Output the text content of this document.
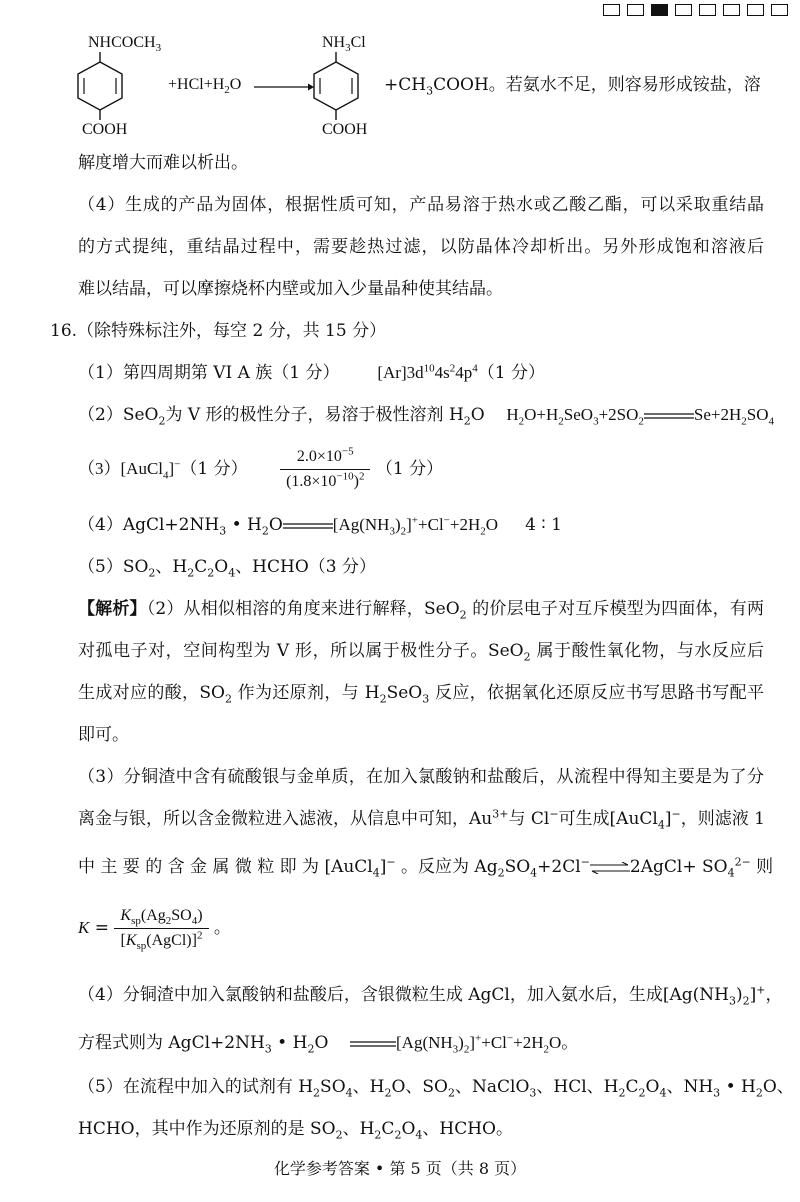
$NHCOCH_3$
COOH
$+HCl+H_2O$ →
$NH_3Cl$
COOH
$+CH_3COOH$。若氨水不足，则容易形成铵盐，溶
解度增大而难以析出。
（4）生成的产品为固体，根据性质可知，产品易溶于热水或乙酸乙酯，可以采取重结晶
的方式提纯，重结晶过程中，需要趁热过滤，以防晶体冷却析出。另外形成饱和溶液后
难以结晶，可以摩擦烧杯内壁或加入少量晶种使其结晶。
16.（除特殊标注外，每空 2 分，共 15 分）
（1）第四周期第 VI A 族（1 分） $[Ar]3d^{10}4s^24p^4(1$ 分）
（2）SeO$_2$为 V 形的极性分子，易溶于极性溶剂 $H_2O$    $H_2O+H_2SeO_3+2SO_2$	$Se+2H_2SO_4$
（3）[AuCl$_4$]−（1 分） $\frac{2.0\times 10^{-5}}{(1.8\times 10^{-10})^2} (1$ 分）
$(4)AgCl+2NH_3$ • $H_2O$	$[Ag(NH_3)_2]^++Cl^-+2H_2O$ 4 ∶ 1
$(5)SO_2$、$H_2C_2O_4$、HCHO（3 分）
【解析】（2）从相似相溶的角度来进行解释，SeO$_2$ 的价层电子对互斥模型为四面体，有两
对孤电子对，空间构型为 V 形，所以属于极性分子。SeO$_2$ 属于酸性氧化物，与水反应后
生成对应的酸，$SO_2$ 作为还原剂，与 $H_2SeO_3$ 反应，依据氧化还原反应书写思路书写配平
即可。
（3）分铜渣中含有硫酸银与金单质，在加入氯酸钠和盐酸后，从流程中得知主要是为了分
离金与银，所以含金微粒进入滤液，从信息中可知，$Au^{3+}$与 Cl−可生成[AuCl$_4$]−，则滤液 1
中 主 要 的 含 金 属 微 粒 即 为 [AuCl$_4$]− 。反应为 $Ag_2SO_4+2Cl^-$ 2AgCl+ $SO_4^{2-}$ 则
$K = \frac{K_{sp}(Ag_2SO_4)}{[K_{sp}(AgCl)]^2}$ 。
（4）分铜渣中加入氯酸钠和盐酸后，含银微粒生成 AgCl，加入氨水后，生成$[Ag(NH_3)_2]^+$，
方程式则为 $AgCl+2NH_3$ • $H_2O$	$[Ag(NH_3)_2]^++Cl^-+2H_2O$。
（5）在流程中加入的试剂有 $H_2SO_4$、$H_2O$、$SO_2$、NaClO$_3$、HCl、$H_2C_2O_4$、$NH_3$ • $H_2O$、
HCHO，其中作为还原剂的是 $SO_2$、$H_2C_2O_4$、HCHO。
化学参考答案 • 第 5 页（共 8 页）
